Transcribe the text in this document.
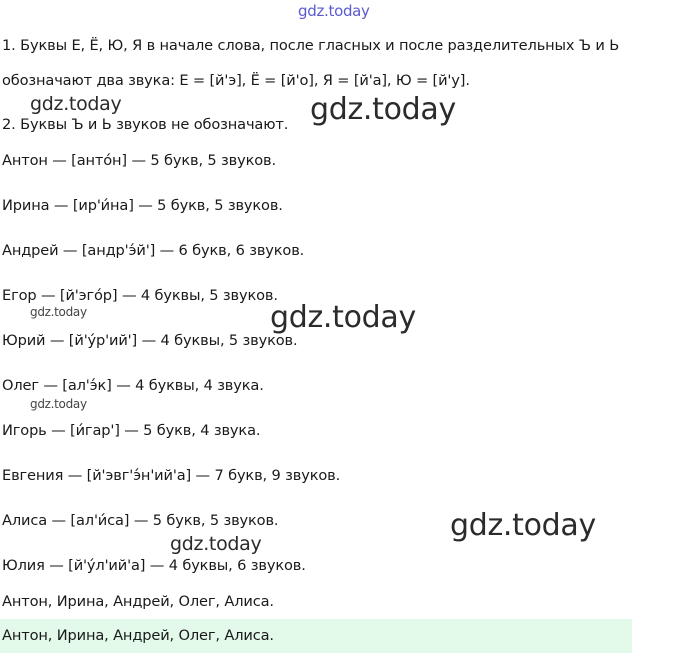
gdz.today
1. Буквы Е, Ё, Ю, Я в начале слова, после гласных и после разделительных Ъ и Ь
обозначают два звука: Е = [й'э], Ё = [й'о], Я = [й'а], Ю = [й'у].
2. Буквы Ъ и Ь звуков не обозначают.
Антон — [анто́н] — 5 букв, 5 звуков.
Ирина — [ир'и́на] — 5 букв, 5 звуков.
Андрей — [андр'э́й'] — 6 букв, 6 звуков.
Егор — [й'эго́р] — 4 буквы, 5 звуков.
Юрий — [й'у́р'ий'] — 4 буквы, 5 звуков.
Олег — [ал'э́к] — 4 буквы, 4 звука.
Игорь — [и́гар'] — 5 букв, 4 звука.
Евгения — [й'эвг'э́н'ий'а] — 7 букв, 9 звуков.
Алиса — [ал'и́са] — 5 букв, 5 звуков.
Юлия — [й'у́л'ий'а] — 4 буквы, 6 звуков.
Антон, Ирина, Андрей, Олег, Алиса.
Антон, Ирина, Андрей, Олег, Алиса.
gdz.today	gdz.today
gdz.today	gdz.today
gdz.today
gdz.today
gdz.today
